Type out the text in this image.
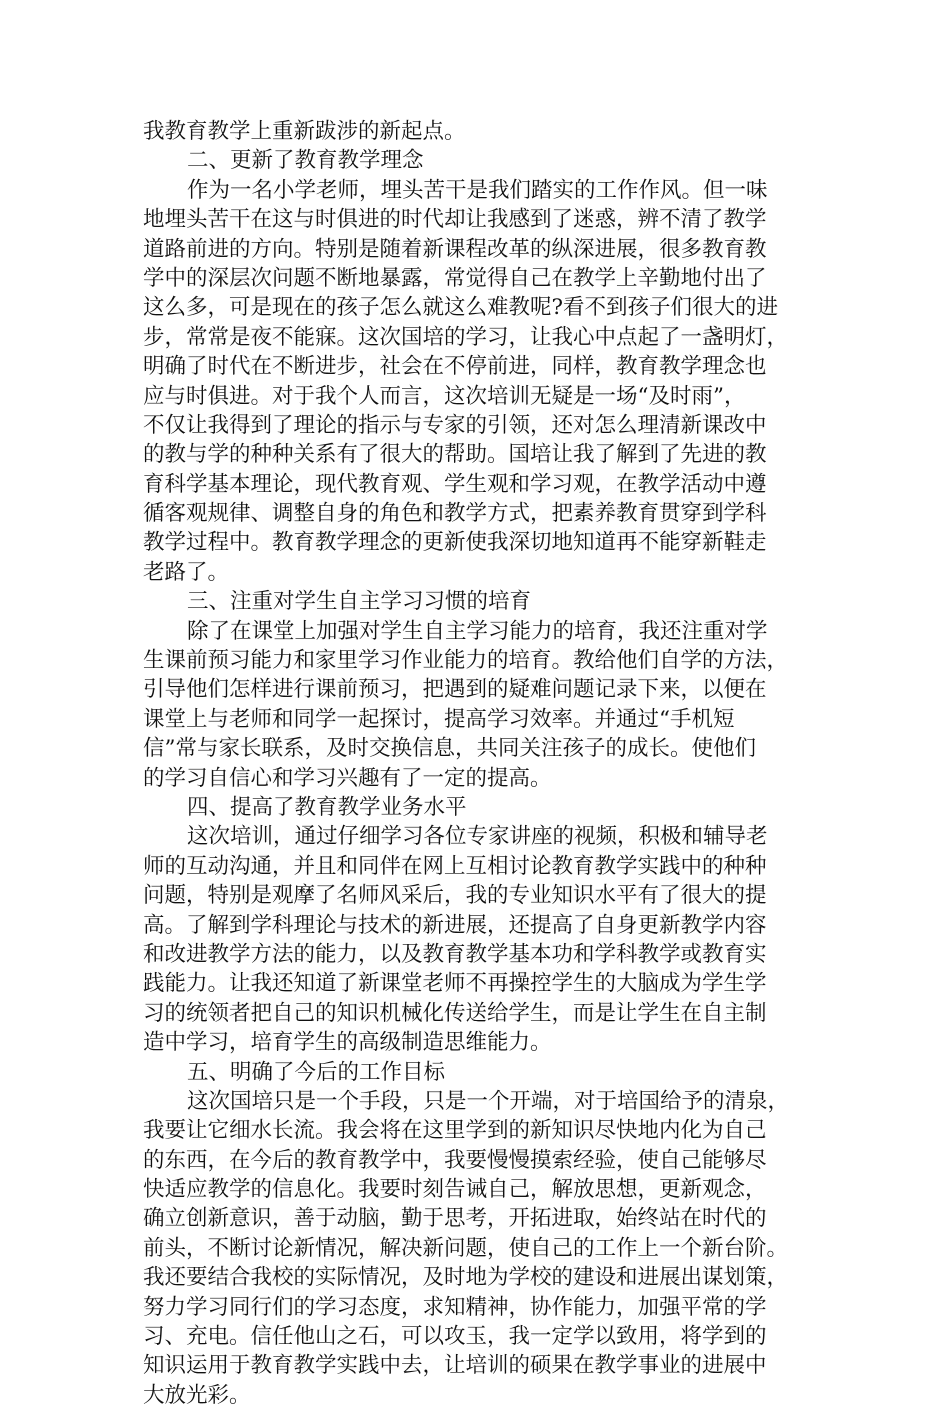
我教育教学上重新跋涉的新起点。
二、更新了教育教学理念
作为一名小学老师，埋头苦干是我们踏实的工作作风。但一味
地埋头苦干在这与时俱进的时代却让我感到了迷惑，辨不清了教学
道路前进的方向。特别是随着新课程改革的纵深进展，很多教育教
学中的深层次问题不断地暴露，常觉得自己在教学上辛勤地付出了
这么多，可是现在的孩子怎么就这么难教呢?看不到孩子们很大的进
步，常常是夜不能寐。这次国培的学习，让我心中点起了一盏明灯，
明确了时代在不断进步，社会在不停前进，同样，教育教学理念也
应与时俱进。对于我个人而言，这次培训无疑是一场“及时雨”，
不仅让我得到了理论的指示与专家的引领，还对怎么理清新课改中
的教与学的种种关系有了很大的帮助。国培让我了解到了先进的教
育科学基本理论，现代教育观、学生观和学习观，在教学活动中遵
循客观规律、调整自身的角色和教学方式，把素养教育贯穿到学科
教学过程中。教育教学理念的更新使我深切地知道再不能穿新鞋走
老路了。
三、注重对学生自主学习习惯的培育
除了在课堂上加强对学生自主学习能力的培育，我还注重对学
生课前预习能力和家里学习作业能力的培育。教给他们自学的方法，
引导他们怎样进行课前预习，把遇到的疑难问题记录下来，以便在
课堂上与老师和同学一起探讨，提高学习效率。并通过“手机短
信”常与家长联系，及时交换信息，共同关注孩子的成长。使他们
的学习自信心和学习兴趣有了一定的提高。
四、提高了教育教学业务水平
这次培训，通过仔细学习各位专家讲座的视频，积极和辅导老
师的互动沟通，并且和同伴在网上互相讨论教育教学实践中的种种
问题，特别是观摩了名师风采后，我的专业知识水平有了很大的提
高。了解到学科理论与技术的新进展，还提高了自身更新教学内容
和改进教学方法的能力，以及教育教学基本功和学科教学或教育实
践能力。让我还知道了新课堂老师不再操控学生的大脑成为学生学
习的统领者把自己的知识机械化传送给学生，而是让学生在自主制
造中学习，培育学生的高级制造思维能力。
五、明确了今后的工作目标
这次国培只是一个手段，只是一个开端，对于培国给予的清泉，
我要让它细水长流。我会将在这里学到的新知识尽快地内化为自己
的东西，在今后的教育教学中，我要慢慢摸索经验，使自己能够尽
快适应教学的信息化。我要时刻告诫自己，解放思想，更新观念，
确立创新意识，善于动脑，勤于思考，开拓进取，始终站在时代的
前头，不断讨论新情况，解决新问题，使自己的工作上一个新台阶。
我还要结合我校的实际情况，及时地为学校的建设和进展出谋划策，
努力学习同行们的学习态度，求知精神，协作能力，加强平常的学
习、充电。信任他山之石，可以攻玉，我一定学以致用，将学到的
知识运用于教育教学实践中去，让培训的硕果在教学事业的进展中
大放光彩。
